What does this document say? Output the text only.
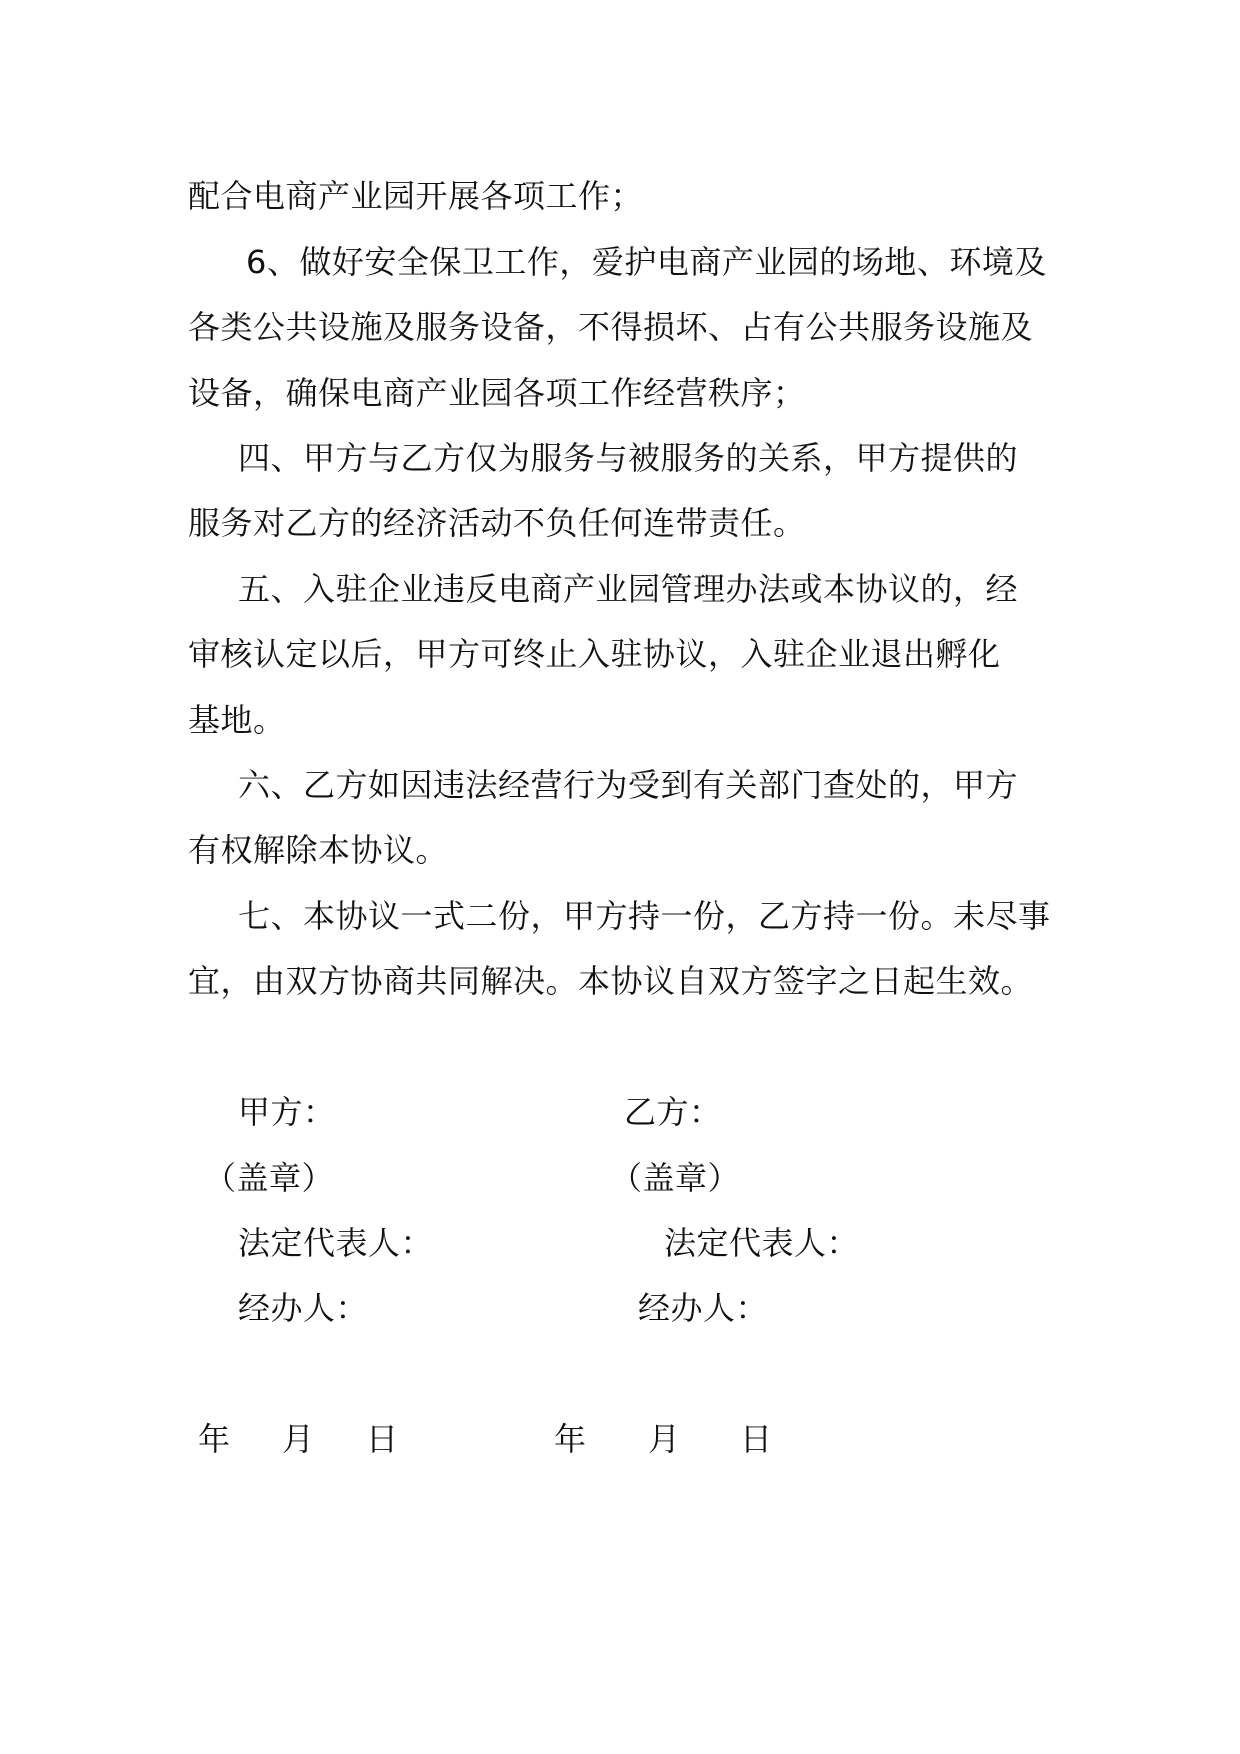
配合电商产业园开展各项工作；
6、做好安全保卫工作，爱护电商产业园的场地、环境及
各类公共设施及服务设备，不得损坏、占有公共服务设施及
设备，确保电商产业园各项工作经营秩序；
四、甲方与乙方仅为服务与被服务的关系，甲方提供的
服务对乙方的经济活动不负任何连带责任。
五、入驻企业违反电商产业园管理办法或本协议的，经
审核认定以后，甲方可终止入驻协议，入驻企业退出孵化
基地。
六、乙方如因违法经营行为受到有关部门查处的，甲方
有权解除本协议。
七、本协议一式二份，甲方持一份，乙方持一份。未尽事
宜，由双方协商共同解决。本协议自双方签字之日起生效。
甲方：
（盖章）
法定代表人：
经办人：
乙方：
（盖章）
法定代表人：
经办人：
年 月 日	年 月 日
